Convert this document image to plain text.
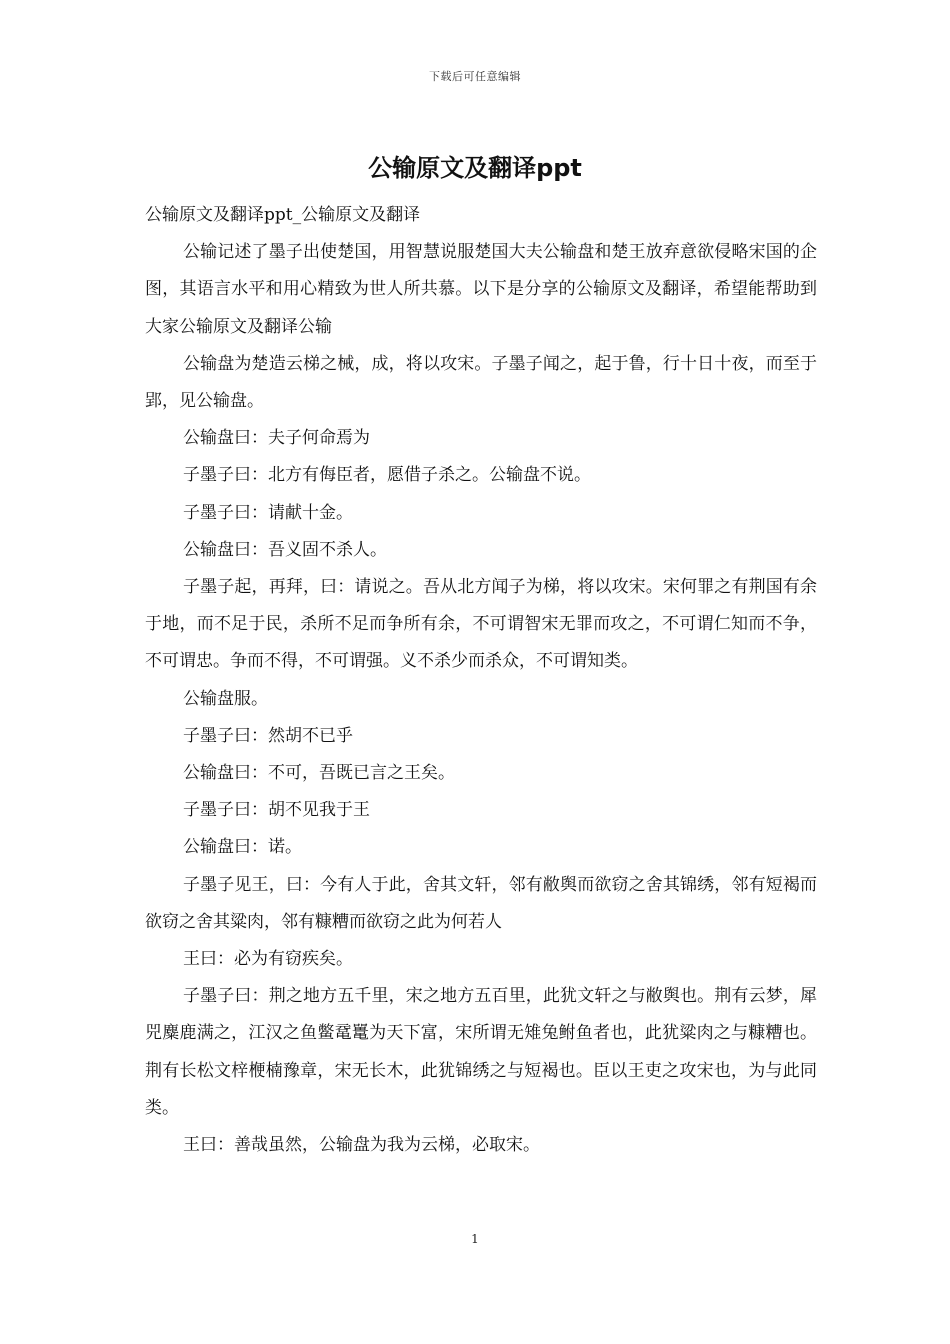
下载后可任意编辑
公输原文及翻译ppt

公输原文及翻译ppt_公输原文及翻译

公输记述了墨子出使楚国，用智慧说服楚国大夫公输盘和楚王放弃意欲侵略宋国的企图，其语言水平和用心精致为世人所共慕。以下是分享的公输原文及翻译，希望能帮助到大家公输原文及翻译公输

公输盘为楚造云梯之械，成，将以攻宋。子墨子闻之，起于鲁，行十日十夜，而至于郢，见公输盘。

公输盘曰：夫子何命焉为

子墨子曰：北方有侮臣者，愿借子杀之。公输盘不说。

子墨子曰：请献十金。

公输盘曰：吾义固不杀人。

子墨子起，再拜，曰：请说之。吾从北方闻子为梯，将以攻宋。宋何罪之有荆国有余于地，而不足于民，杀所不足而争所有余，不可谓智宋无罪而攻之，不可谓仁知而不争，不可谓忠。争而不得，不可谓强。义不杀少而杀众，不可谓知类。

公输盘服。

子墨子曰：然胡不已乎

公输盘曰：不可，吾既已言之王矣。

子墨子曰：胡不见我于王

公输盘曰：诺。

子墨子见王，曰：今有人于此，舍其文轩，邻有敝舆而欲窃之舍其锦绣，邻有短褐而欲窃之舍其粱肉，邻有糠糟而欲窃之此为何若人

王曰：必为有窃疾矣。

子墨子曰：荆之地方五千里，宋之地方五百里，此犹文轩之与敝舆也。荆有云梦，犀兕麋鹿满之，江汉之鱼鳖鼋鼍为天下富，宋所谓无雉兔鲋鱼者也，此犹粱肉之与糠糟也。荆有长松文梓楩楠豫章，宋无长木，此犹锦绣之与短褐也。臣以王吏之攻宋也，为与此同类。

王曰：善哉虽然，公输盘为我为云梯，必取宋。

1
